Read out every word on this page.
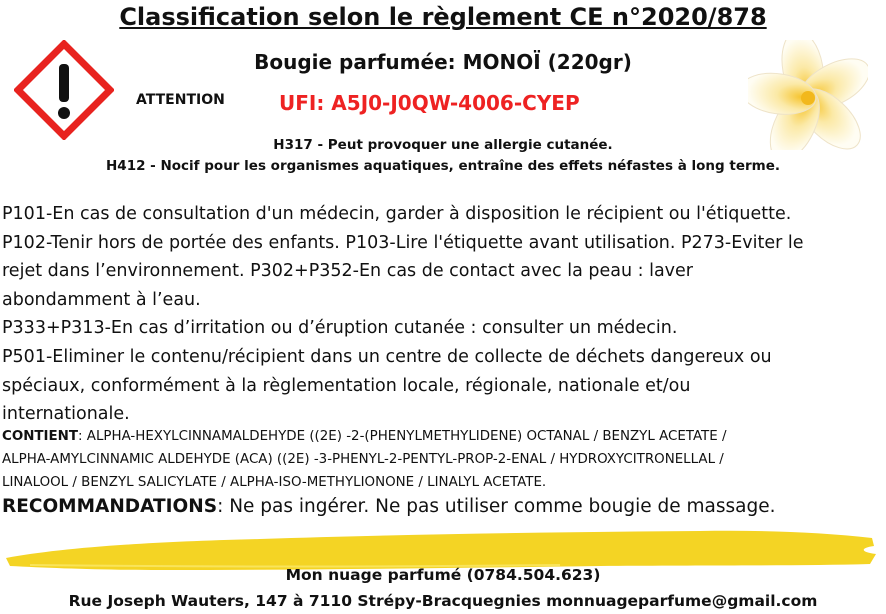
Classification selon le règlement CE n°2020/878
Bougie parfumée: MONOÏ (220gr)
ATTENTION	UFI: A5J0-J0QW-4006-CYEP
H317 - Peut provoquer une allergie cutanée.
H412 - Nocif pour les organismes aquatiques, entraîne des effets néfastes à long terme.
P101-En cas de consultation d'un médecin, garder à disposition le récipient ou l'étiquette.
P102-Tenir hors de portée des enfants. P103-Lire l'étiquette avant utilisation. P273-Eviter le
rejet dans l’environnement. P302+P352-En cas de contact avec la peau : laver
abondamment à l’eau.
P333+P313-En cas d’irritation ou d’éruption cutanée : consulter un médecin.
P501-Eliminer le contenu/récipient dans un centre de collecte de déchets dangereux ou
spéciaux, conformément à la règlementation locale, régionale, nationale et/ou
internationale.
CONTIENT: ALPHA-HEXYLCINNAMALDEHYDE ((2E) -2-(PHENYLMETHYLIDENE) OCTANAL / BENZYL ACETATE /
ALPHA-AMYLCINNAMIC ALDEHYDE (ACA) ((2E) -3-PHENYL-2-PENTYL-PROP-2-ENAL / HYDROXYCITRONELLAL /
LINALOOL / BENZYL SALICYLATE / ALPHA-ISO-METHYLIONONE / LINALYL ACETATE.
RECOMMANDATIONS: Ne pas ingérer. Ne pas utiliser comme bougie de massage.
Mon nuage parfumé (0784.504.623)
Rue Joseph Wauters, 147 à 7110 Strépy-Bracquegnies monnuageparfume@gmail.com
